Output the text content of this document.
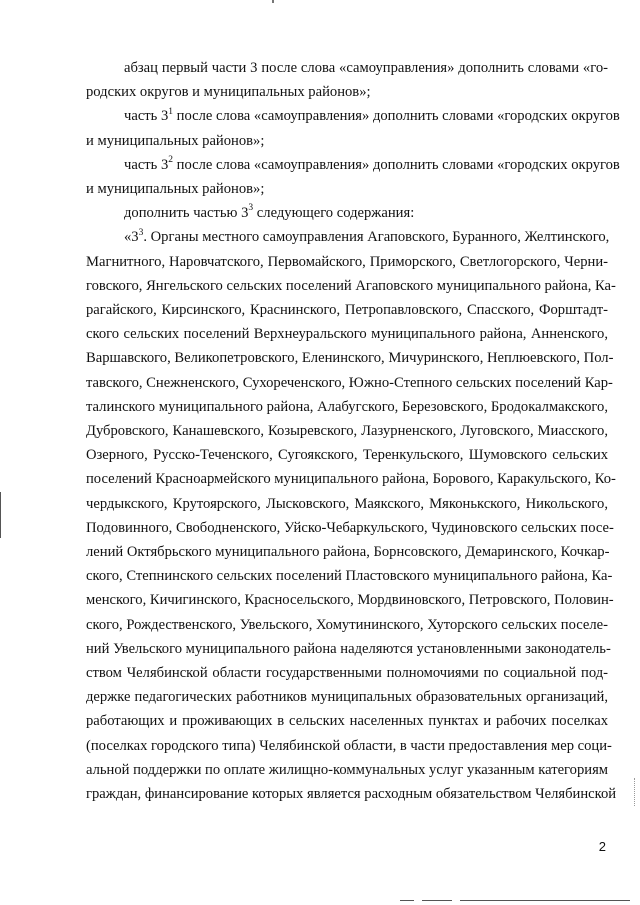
абзац первый части 3 после слова «самоуправления» дополнить словами «го-
родских округов и муниципальных районов»;
часть $3^1$ после слова «самоуправления» дополнить словами «городских округов
и муниципальных районов»;
часть $3^2$ после слова «самоуправления» дополнить словами «городских округов
и муниципальных районов»;
дополнить частью $3^3$ следующего содержания:
«$3^3$. Органы местного самоуправления Агаповского, Буранного, Желтинского,
Магнитного, Наровчатского, Первомайского, Приморского, Светлогорского, Черни-
говского, Янгельского сельских поселений Агаповского муниципального района, Ка-
рагайского, Кирсинского, Краснинского, Петропавловского, Спасского, Форштадт-
ского сельских поселений Верхнеуральского муниципального района, Анненского,
Варшавского, Великопетровского, Еленинского, Мичуринского, Неплюевского, Пол-
тавского, Снежненского, Сухореченского, Южно-Степного сельских поселений Кар-
талинского муниципального района, Алабугского, Березовского, Бродокалмакского,
Дубровского, Канашевского, Козыревского, Лазурненского, Луговского, Миасского,
Озерного, Русско-Теченского, Сугоякского, Теренкульского, Шумовского сельских
поселений Красноармейского муниципального района, Борового, Каракульского, Ко-
чердыкского, Крутоярского, Лысковского, Маякского, Мяконькского, Никольского,
Подовинного, Свободненского, Уйско-Чебаркульского, Чудиновского сельских посе-
лений Октябрьского муниципального района, Борнсовского, Демаринского, Кочкар-
ского, Степнинского сельских поселений Пластовского муниципального района, Ка-
менского, Кичигинского, Красносельского, Мордвиновского, Петровского, Половин-
ского, Рождественского, Увельского, Хомутининского, Хуторского сельских поселе-
ний Увельского муниципального района наделяются установленными законодатель-
ством Челябинской области государственными полномочиями по социальной под-
держке педагогических работников муниципальных образовательных организаций,
работающих и проживающих в сельских населенных пунктах и рабочих поселках
(поселках городского типа) Челябинской области, в части предоставления мер соци-
альной поддержки по оплате жилищно-коммунальных услуг указанным категориям
граждан, финансирование которых является расходным обязательством Челябинской
2
